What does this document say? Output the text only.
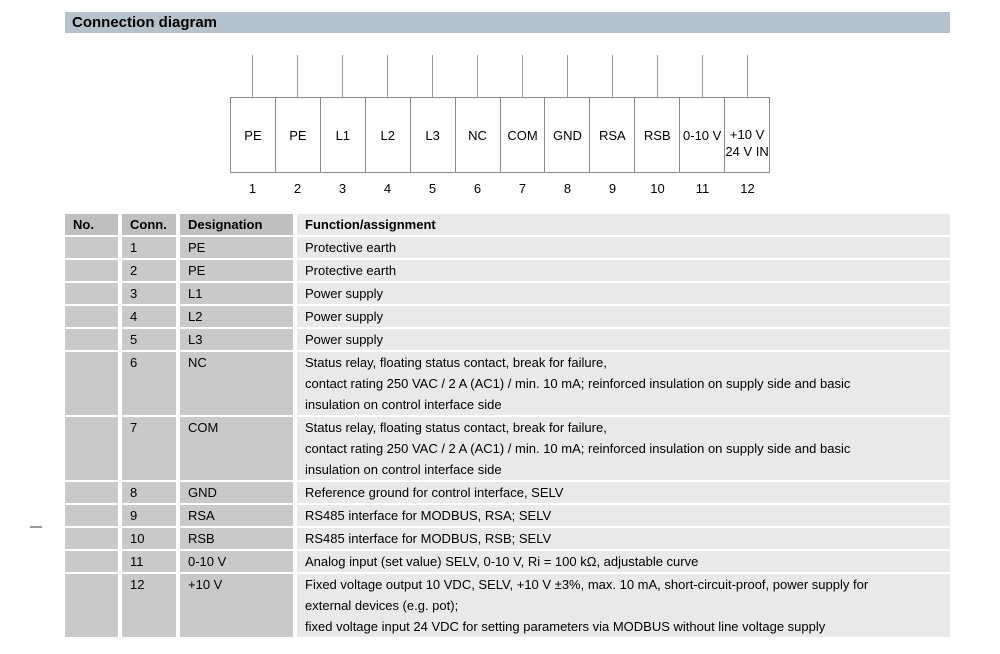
Connection diagram
PE PE L1 L2 L3 NC COM GND RSA RSB 0-10 V +10 V
24 V IN
1	2	3	4	5	6	7	8	9	10	11	12
No.	Conn.	Designation	Function/assignment
1	PE	Protective earth
2	PE	Protective earth
3	L1	Power supply
4	L2	Power supply
5	L3	Power supply
6	NC	Status relay, floating status contact, break for failure,
contact rating 250 VAC / 2 A (AC1) / min. 10 mA; reinforced insulation on supply side and basic
insulation on control interface side
7	COM	Status relay, floating status contact, break for failure,
contact rating 250 VAC / 2 A (AC1) / min. 10 mA; reinforced insulation on supply side and basic
insulation on control interface side
8	GND	Reference ground for control interface, SELV
9	RSA	RS485 interface for MODBUS, RSA; SELV
10	RSB	RS485 interface for MODBUS, RSB; SELV
11	0-10 V	Analog input (set value) SELV, 0-10 V, Ri = 100 kΩ, adjustable curve
12	+10 V	Fixed voltage output 10 VDC, SELV, +10 V ±3%, max. 10 mA, short-circuit-proof, power supply for
external devices (e.g. pot);
fixed voltage input 24 VDC for setting parameters via MODBUS without line voltage supply
